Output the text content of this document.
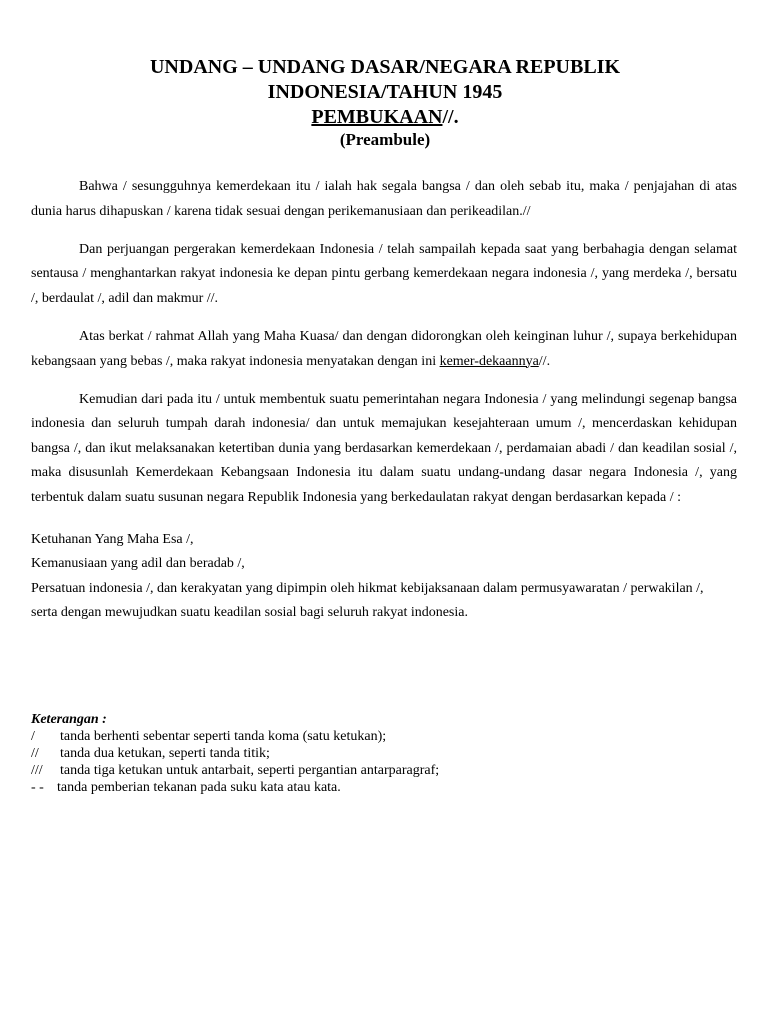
UNDANG – UNDANG DASAR/NEGARA REPUBLIK
INDONESIA/TAHUN 1945
PEMBUKAAN//.
(Preambule)

Bahwa / sesungguhnya kemerdekaan itu / ialah hak segala bangsa / dan oleh sebab itu, maka / penjajahan di atas dunia harus dihapuskan / karena tidak sesuai dengan perikemanusiaan dan perikeadilan.//

Dan perjuangan pergerakan kemerdekaan Indonesia / telah sampailah kepada saat yang berbahagia dengan selamat sentausa / menghantarkan rakyat indonesia ke depan pintu gerbang kemerdekaan negara indonesia /, yang merdeka /, bersatu /, berdaulat /, adil dan makmur //.

Atas berkat / rahmat Allah yang Maha Kuasa/ dan dengan didorongkan oleh keinginan luhur /, supaya berkehidupan kebangsaan yang bebas /, maka rakyat indonesia menyatakan dengan ini kemer-dekaannya//.

Kemudian dari pada itu / untuk membentuk suatu pemerintahan negara Indonesia / yang melindungi segenap bangsa indonesia dan seluruh tumpah darah indonesia/ dan untuk memajukan kesejahteraan umum /, mencerdaskan kehidupan bangsa /, dan ikut melaksanakan ketertiban dunia yang berdasarkan kemerdekaan /, perdamaian abadi / dan keadilan sosial /, maka disusunlah Kemerdekaan Kebangsaan Indonesia itu dalam suatu undang-undang dasar negara Indonesia /, yang terbentuk dalam suatu susunan negara Republik Indonesia yang berkedaulatan rakyat dengan berdasarkan kepada / :

Ketuhanan Yang Maha Esa /,

Kemanusiaan yang adil dan beradab /,

Persatuan indonesia /, dan kerakyatan yang dipimpin oleh hikmat kebijaksanaan dalam permusyawaratan / perwakilan /,

serta dengan mewujudkan suatu keadilan sosial bagi seluruh rakyat indonesia.

Keterangan :
/ tanda berhenti sebentar seperti tanda koma (satu ketukan);
// tanda dua ketukan, seperti tanda titik;
/// tanda tiga ketukan untuk antarbait, seperti pergantian antarparagraf;
- - tanda pemberian tekanan pada suku kata atau kata.
